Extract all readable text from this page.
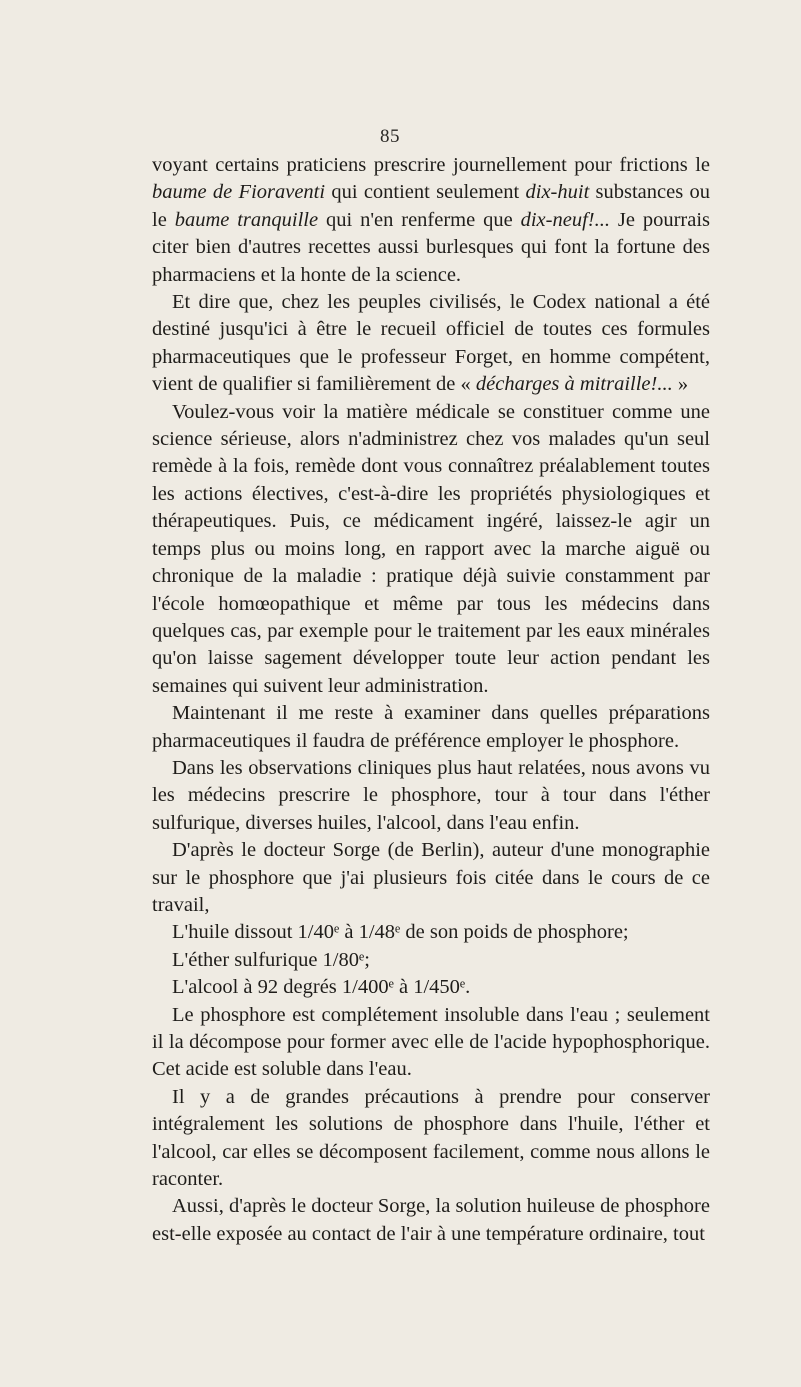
85

voyant certains praticiens prescrire journellement pour frictions le baume de Fioraventi qui contient seulement dix-huit substances ou le baume tranquille qui n'en renferme que dix-neuf!... Je pourrais citer bien d'autres recettes aussi burlesques qui font la fortune des pharmaciens et la honte de la science.

Et dire que, chez les peuples civilisés, le Codex national a été destiné jusqu'ici à être le recueil officiel de toutes ces formules pharmaceutiques que le professeur Forget, en homme compétent, vient de qualifier si familièrement de « décharges à mitraille!... »

Voulez-vous voir la matière médicale se constituer comme une science sérieuse, alors n'administrez chez vos malades qu'un seul remède à la fois, remède dont vous connaîtrez préalablement toutes les actions électives, c'est-à-dire les propriétés physiologiques et thérapeutiques. Puis, ce médicament ingéré, laissez-le agir un temps plus ou moins long, en rapport avec la marche aiguë ou chronique de la maladie : pratique déjà suivie constamment par l'école homœopathique et même par tous les médecins dans quelques cas, par exemple pour le traitement par les eaux minérales qu'on laisse sagement développer toute leur action pendant les semaines qui suivent leur administration.

Maintenant il me reste à examiner dans quelles préparations pharmaceutiques il faudra de préférence employer le phosphore.

Dans les observations cliniques plus haut relatées, nous avons vu les médecins prescrire le phosphore, tour à tour dans l'éther sulfurique, diverses huiles, l'alcool, dans l'eau enfin.

D'après le docteur Sorge (de Berlin), auteur d'une monographie sur le phosphore que j'ai plusieurs fois citée dans le cours de ce travail,

L'huile dissout 1/40ᵉ à 1/48ᵉ de son poids de phosphore;

L'éther sulfurique 1/80ᵉ;

L'alcool à 92 degrés 1/400ᵉ à 1/450ᵉ.

Le phosphore est complétement insoluble dans l'eau ; seulement il la décompose pour former avec elle de l'acide hypophosphorique. Cet acide est soluble dans l'eau.

Il y a de grandes précautions à prendre pour conserver intégralement les solutions de phosphore dans l'huile, l'éther et l'alcool, car elles se décomposent facilement, comme nous allons le raconter.

Aussi, d'après le docteur Sorge, la solution huileuse de phosphore est-elle exposée au contact de l'air à une température ordinaire, tout
